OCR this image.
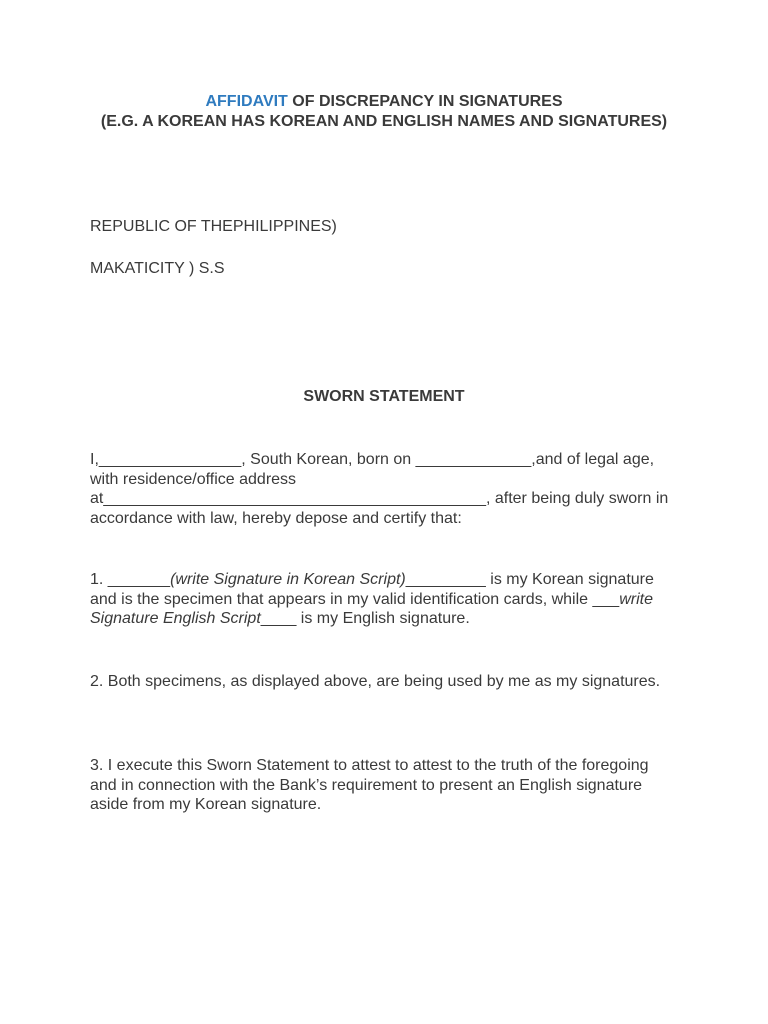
AFFIDAVIT OF DISCREPANCY IN SIGNATURES
(E.G. A KOREAN HAS KOREAN AND ENGLISH NAMES AND SIGNATURES)
REPUBLIC OF THEPHILIPPINES)
MAKATICITY ) S.S
SWORN STATEMENT
I,________________, South Korean, born on _____________,and of legal age,
with residence/office address
at___________________________________________, after being duly sworn in
accordance with law, hereby depose and certify that:
1. _______(write Signature in Korean Script)_________ is my Korean signature
and is the specimen that appears in my valid identification cards, while ___write
Signature English Script____ is my English signature.
2. Both specimens, as displayed above, are being used by me as my signatures.
3. I execute this Sworn Statement to attest to attest to the truth of the foregoing
and in connection with the Bank’s requirement to present an English signature
aside from my Korean signature.
